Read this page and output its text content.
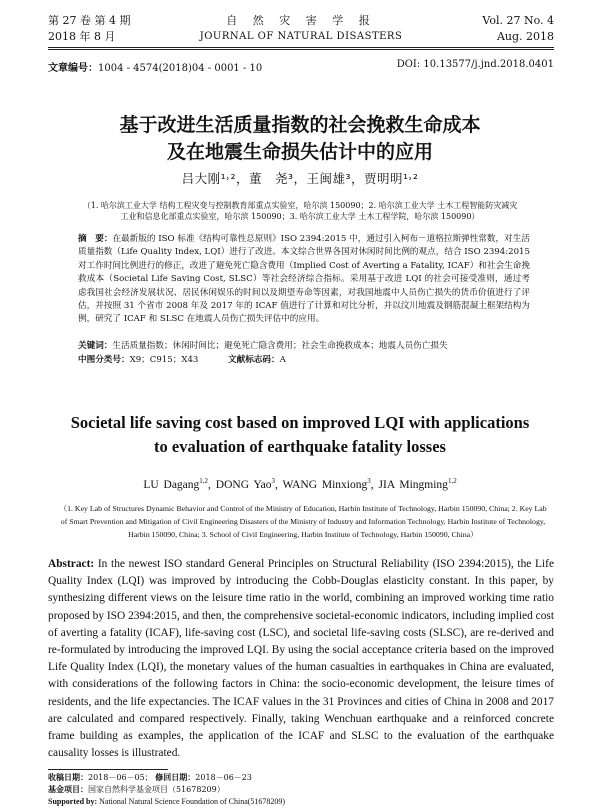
第 27 卷 第 4 期
2018 年 8 月
自 然 灾 害 学 报
JOURNAL OF NATURAL DISASTERS
Vol. 27 No. 4
Aug. 2018
文章编号：1004 - 4574(2018)04 - 0001 - 10	DOI: 10.13577/j.jnd.2018.0401
基于改进生活质量指数的社会挽救生命成本
及在地震生命损失估计中的应用
吕大刚¹˒²，董　尧³，王闽雄³，贾明明¹˒²
（1. 哈尔滨工业大学 结构工程灾变与控制教育部重点实验室，哈尔滨 150090；2. 哈尔滨工业大学 土木工程智能防灾减灾工业和信息化部重点实验室，哈尔滨 150090；3. 哈尔滨工业大学 土木工程学院，哈尔滨 150090）
摘　要：在最新版的 ISO 标准《结构可靠性总原则》ISO 2394:2015 中，通过引入柯布－道格拉斯弹性常数，对生活质量指数（Life Quality Index, LQI）进行了改进。本文综合世界各国对休闲时间比例的观点，结合 ISO 2394:2015 对工作时间比例进行的修正，改进了避免死亡隐含费用（Implied Cost of Averting a Fatality, ICAF）和社会生命挽救成本（Societal Life Saving Cost, SLSC）等社会经济综合指标。采用基于改进 LQI 的社会可接受准则，通过考虑我国社会经济发展状况、居民休闲娱乐的时间以及期望寿命等因素，对我国地震中人员伤亡损失的货币价值进行了评估，并按照 31 个省市 2008 年及 2017 年的 ICAF 值进行了计算和对比分析，并以汶川地震及钢筋混凝土框架结构为例，研究了 ICAF 和 SLSC 在地震人员伤亡损失评估中的应用。
关键词：生活质量指数；休闲时间比；避免死亡隐含费用；社会生命挽救成本；地震人员伤亡损失
中图分类号：X9；C915；X43	文献标志码：A
Societal life saving cost based on improved LQI with applications
to evaluation of earthquake fatality losses
LU Dagang$^{1,2}$, DONG Yao$^3$, WANG Minxiong$^3$, JIA Mingming$^{1,2}$
（1. Key Lab of Structures Dynamic Behavior and Control of the Ministry of Education, Harbin Institute of Technology, Harbin 150090, China; 2. Key Lab of Smart Prevention and Mitigation of Civil Engineering Disasters of the Ministry of Industry and Information Technology, Harbin Institute of Technology, Harbin 150090, China; 3. School of Civil Engineering, Harbin Institute of Technology, Harbin 150090, China）
Abstract: In the newest ISO standard General Principles on Structural Reliability (ISO 2394:2015), the Life Quality Index (LQI) was improved by introducing the Cobb-Douglas elasticity constant. In this paper, by synthesizing different views on the leisure time ratio in the world, combining an improved working time ratio proposed by ISO 2394:2015, and then, the comprehensive societal-economic indicators, including implied cost of averting a fatality (ICAF), life-saving cost (LSC), and societal life-saving costs (SLSC), are re-derived and re-formulated by introducing the improved LQI. By using the social acceptance criteria based on the improved Life Quality Index (LQI), the monetary values of the human casualties in earthquakes in China are evaluated, with considerations of the following factors in China: the socio-economic development, the leisure times of residents, and the life expectancies. The ICAF values in the 31 Provinces and cities of China in 2008 and 2017 are calculated and compared respectively. Finally, taking Wenchuan earthquake and a reinforced concrete frame building as examples, the application of the ICAF and SLSC to the evaluation of the earthquake causality losses is illustrated.
收稿日期：2018－06－05； 修回日期：2018－06－23
基金项目：国家自然科学基金项目（51678209）
Supported by: National Natural Science Foundation of China(51678209)
